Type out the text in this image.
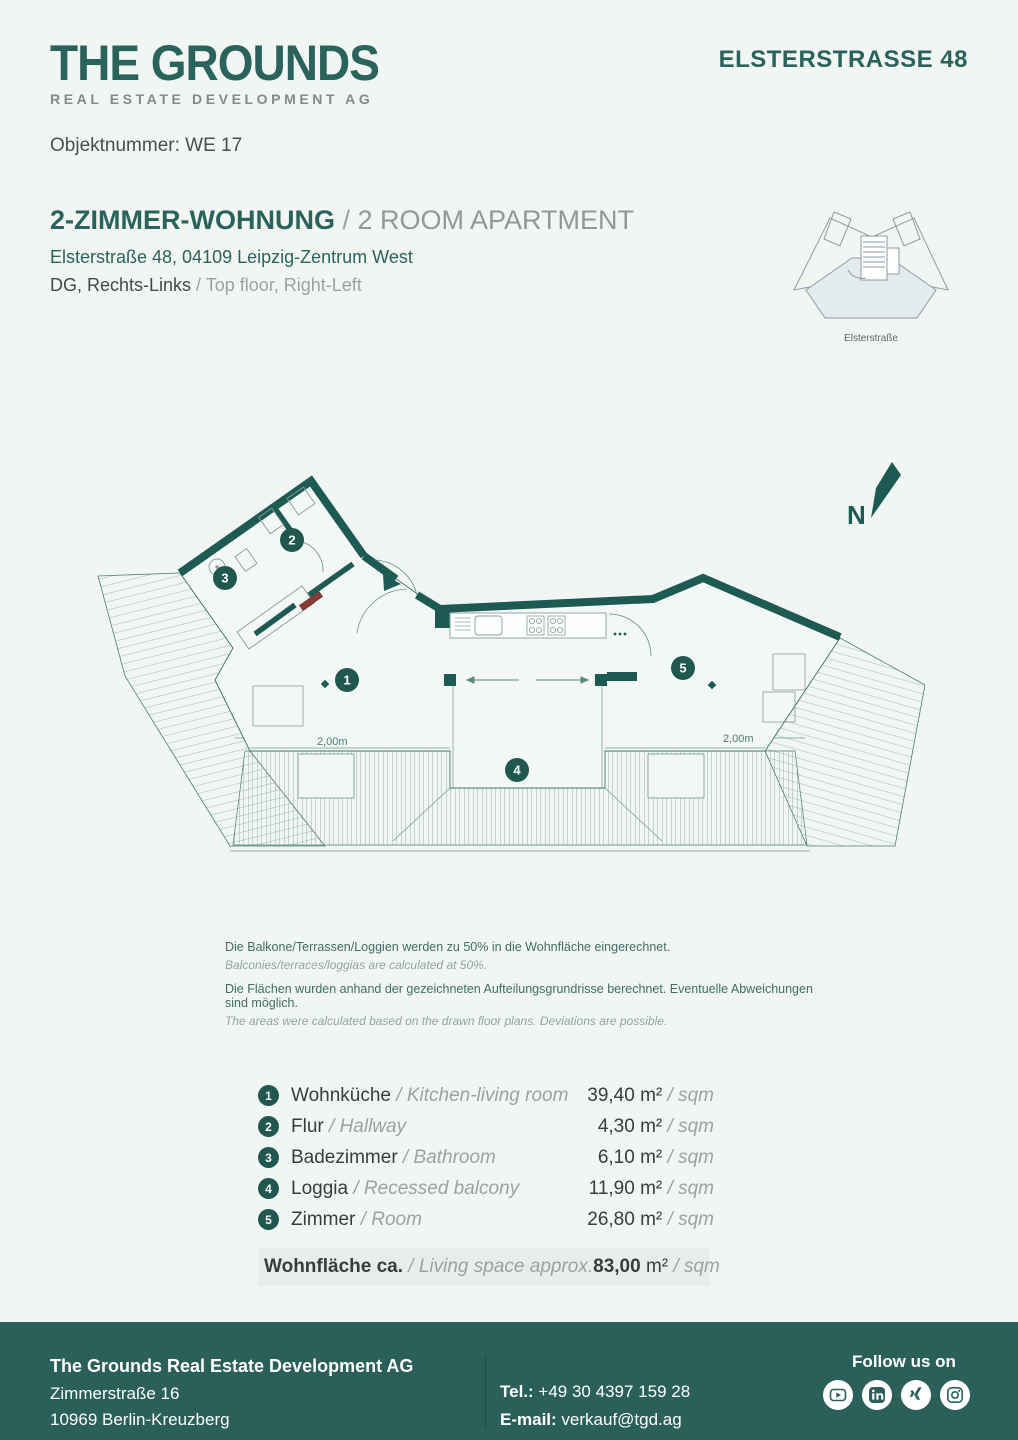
THE GROUNDS
REAL ESTATE DEVELOPMENT AG
ELSTERSTRASSE 48
Objektnummer: WE 17
2-ZIMMER-WOHNUNG / 2 ROOM APARTMENT
Elsterstraße 48, 04109 Leipzig-Zentrum West
DG, Rechts-Links / Top floor, Right-Left
Elsterstraße
1
2
3
4
5
2,00m	2,00m
N
Die Balkone/Terrassen/Loggien werden zu 50% in die Wohnfläche eingerechnet.
Balconies/terraces/loggias are calculated at 50%.
Die Flächen wurden anhand der gezeichneten Aufteilungsgrundrisse berechnet. Eventuelle Abweichungen sind möglich.
The areas were calculated based on the drawn floor plans. Deviations are possible.
1	Wohnküche / Kitchen-living room 39,40 m² / sqm
2	Flur / Hallway	4,30 m² / sqm
3	Badezimmer / Bathroom	6,10 m² / sqm
4	Loggia / Recessed balcony	11,90 m² / sqm
5	Zimmer / Room	26,80 m² / sqm
Wohnfläche ca. / Living space approx. 83,00 m² / sqm
The Grounds Real Estate Development AG
Zimmerstraße 16
10969 Berlin-Kreuzberg
Tel.: +49 30 4397 159 28
E-mail: verkauf@tgd.ag
Follow us on
